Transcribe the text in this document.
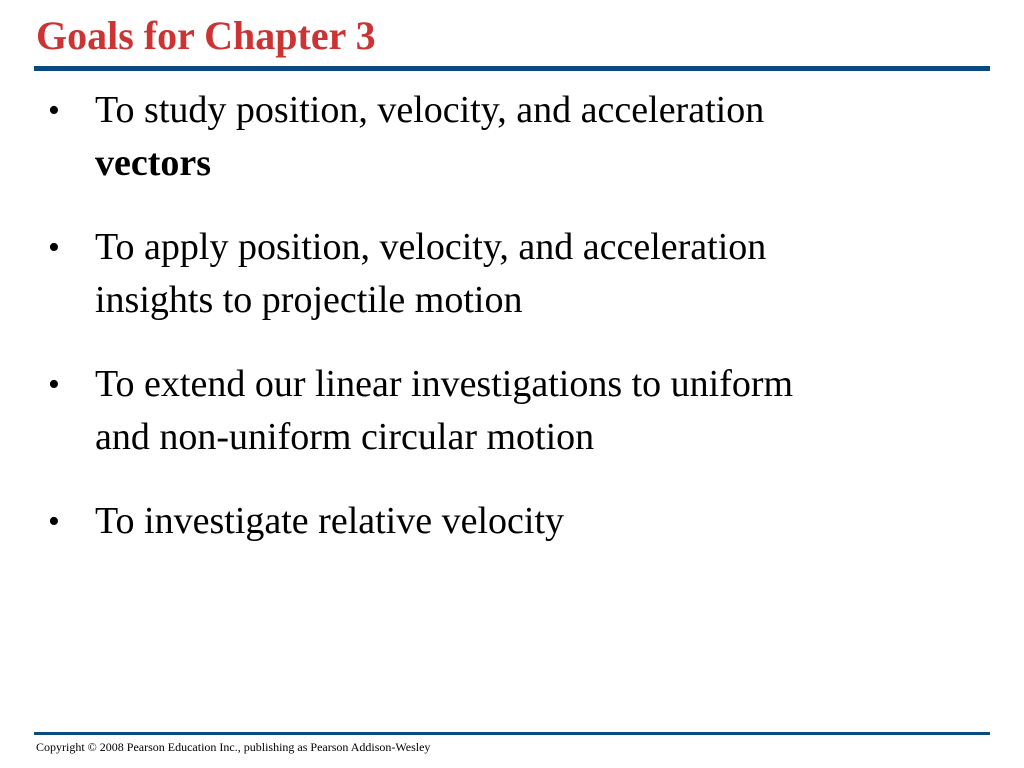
Goals for Chapter 3
• To study position, velocity, and acceleration
vectors
• To apply position, velocity, and acceleration
insights to projectile motion
• To extend our linear investigations to uniform
and non-uniform circular motion
• To investigate relative velocity
Copyright © 2008 Pearson Education Inc., publishing as Pearson Addison-Wesley
